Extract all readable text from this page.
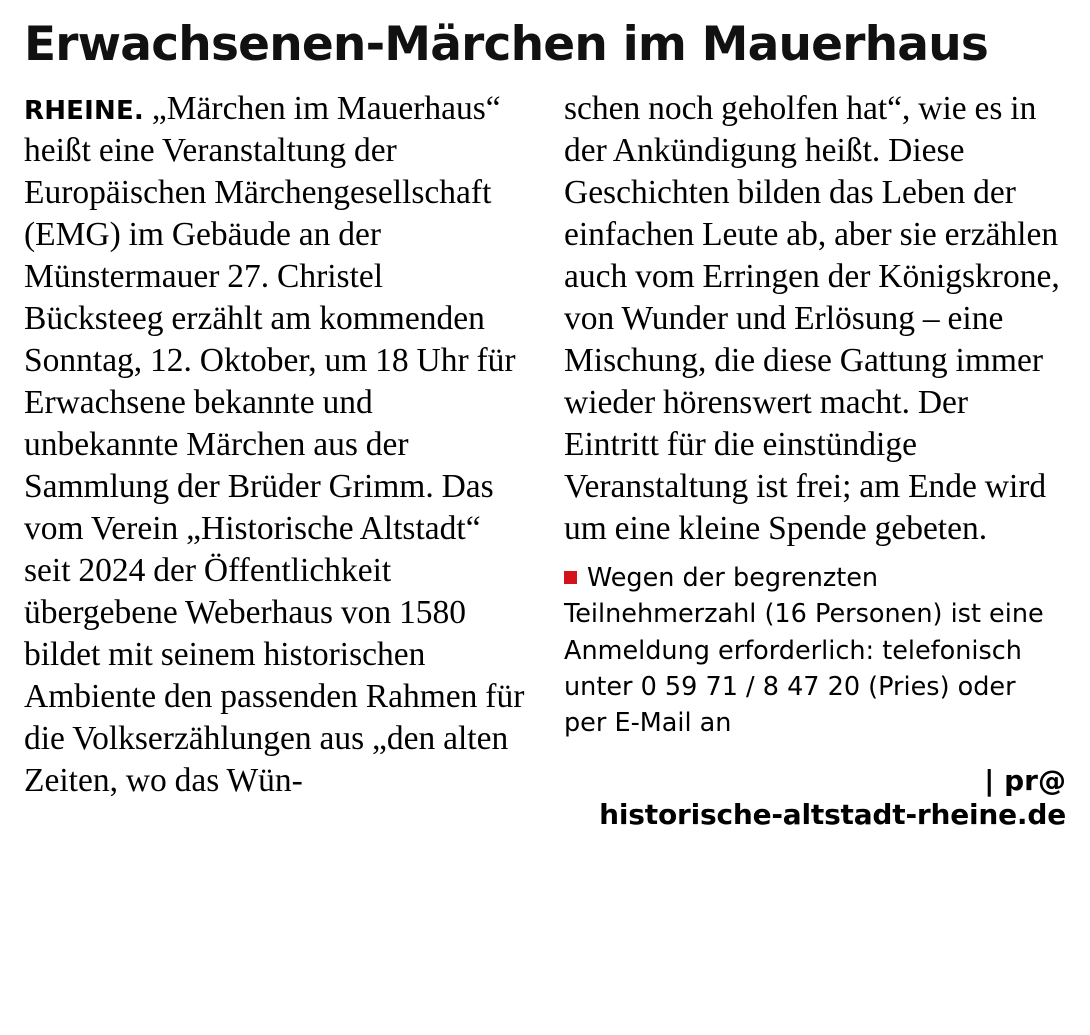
Erwachsenen-Märchen im Mauerhaus

RHEINE. „Märchen im Mauerhaus“ heißt eine Veranstaltung der Europäischen Märchengesellschaft (EMG) im Gebäude an der Münstermauer 27. Christel Bücksteeg erzählt am kommenden Sonntag, 12. Oktober, um 18 Uhr für Erwachsene bekannte und unbekannte Märchen aus der Sammlung der Brüder Grimm. Das vom Verein „Historische Altstadt“ seit 2024 der Öffentlichkeit übergebene Weberhaus von 1580 bildet mit seinem historischen Ambiente den passenden Rahmen für die Volkserzählungen aus „den alten Zeiten, wo das Wün-

schen noch geholfen hat“, wie es in der Ankündigung heißt. Diese Geschichten bilden das Leben der einfachen Leute ab, aber sie erzählen auch vom Erringen der Königskrone, von Wunder und Erlösung – eine Mischung, die diese Gattung immer wieder hörenswert macht. Der Eintritt für die einstündige Veranstaltung ist frei; am Ende wird um eine kleine Spende gebeten.

Wegen der begrenzten Teilnehmerzahl (16 Personen) ist eine Anmeldung erforderlich: telefonisch unter 0 59 71 / 8 47 20 (Pries) oder per E-Mail an

| pr@
historische-altstadt-rheine.de
